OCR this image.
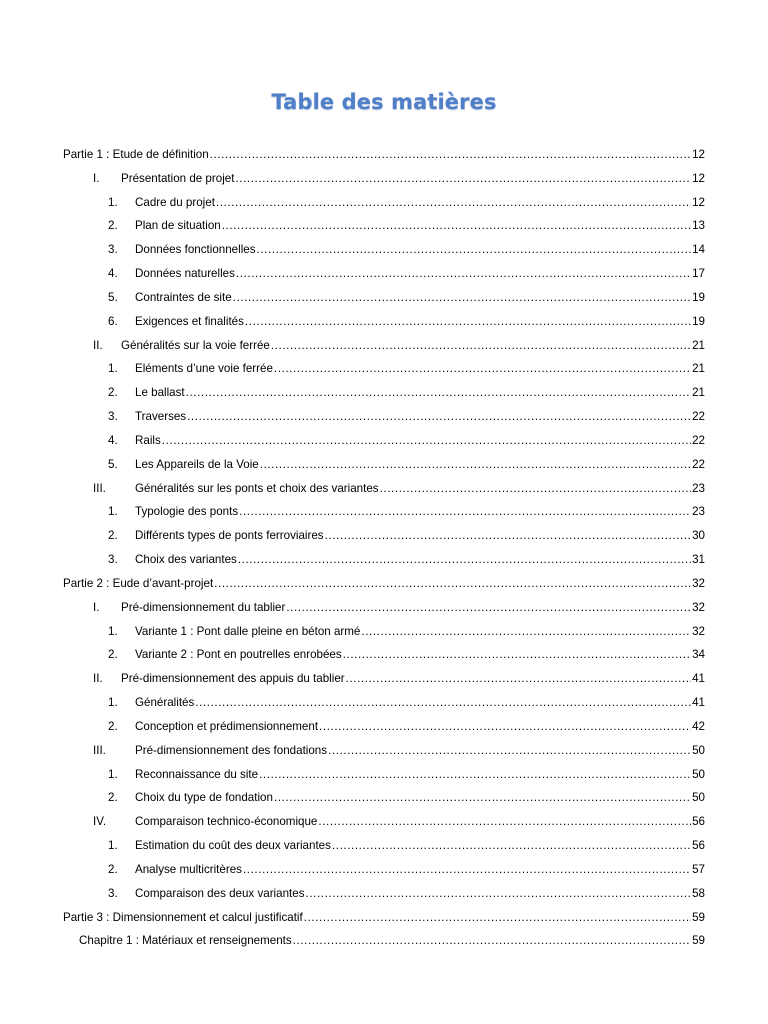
Table des matières
Partie 1 : Etude de définition .....	12
I. Présentation de projet .....	12
1. Cadre du projet .....	12
2. Plan de situation .....	13
3. Données fonctionnelles .....	14
4. Données naturelles .....	17
5. Contraintes de site .....	19
6. Exigences et finalités .....	19
II. Généralités sur la voie ferrée .....	21
1. Eléments d’une voie ferrée .....	21
2. Le ballast .....	21
3. Traverses .....	22
4. Rails .....	22
5. Les Appareils de la Voie .....	22
III.	Généralités sur les ponts et choix des variantes .....	23
1. Typologie des ponts .....	23
2. Différents types de ponts ferroviaires .....	30
3. Choix des variantes .....	31
Partie 2 : Eude d’avant-projet .....	32
I. Pré-dimensionnement du tablier .....	32
1. Variante 1 : Pont dalle pleine en béton armé .....	32
2. Variante 2 : Pont en poutrelles enrobées .....	34
II. Pré-dimensionnement des appuis du tablier .....	41
1. Généralités .....	41
2. Conception et prédimensionnement .....	42
III.	Pré-dimensionnement des fondations .....	50
1. Reconnaissance du site .....	50
2. Choix du type de fondation .....	50
IV. Comparaison technico-économique .....	56
1. Estimation du coût des deux variantes .....	56
2. Analyse multicritères .....	57
3. Comparaison des deux variantes .....	58
Partie 3 : Dimensionnement et calcul justificatif .....	59
Chapitre 1 : Matériaux et renseignements .....	59
